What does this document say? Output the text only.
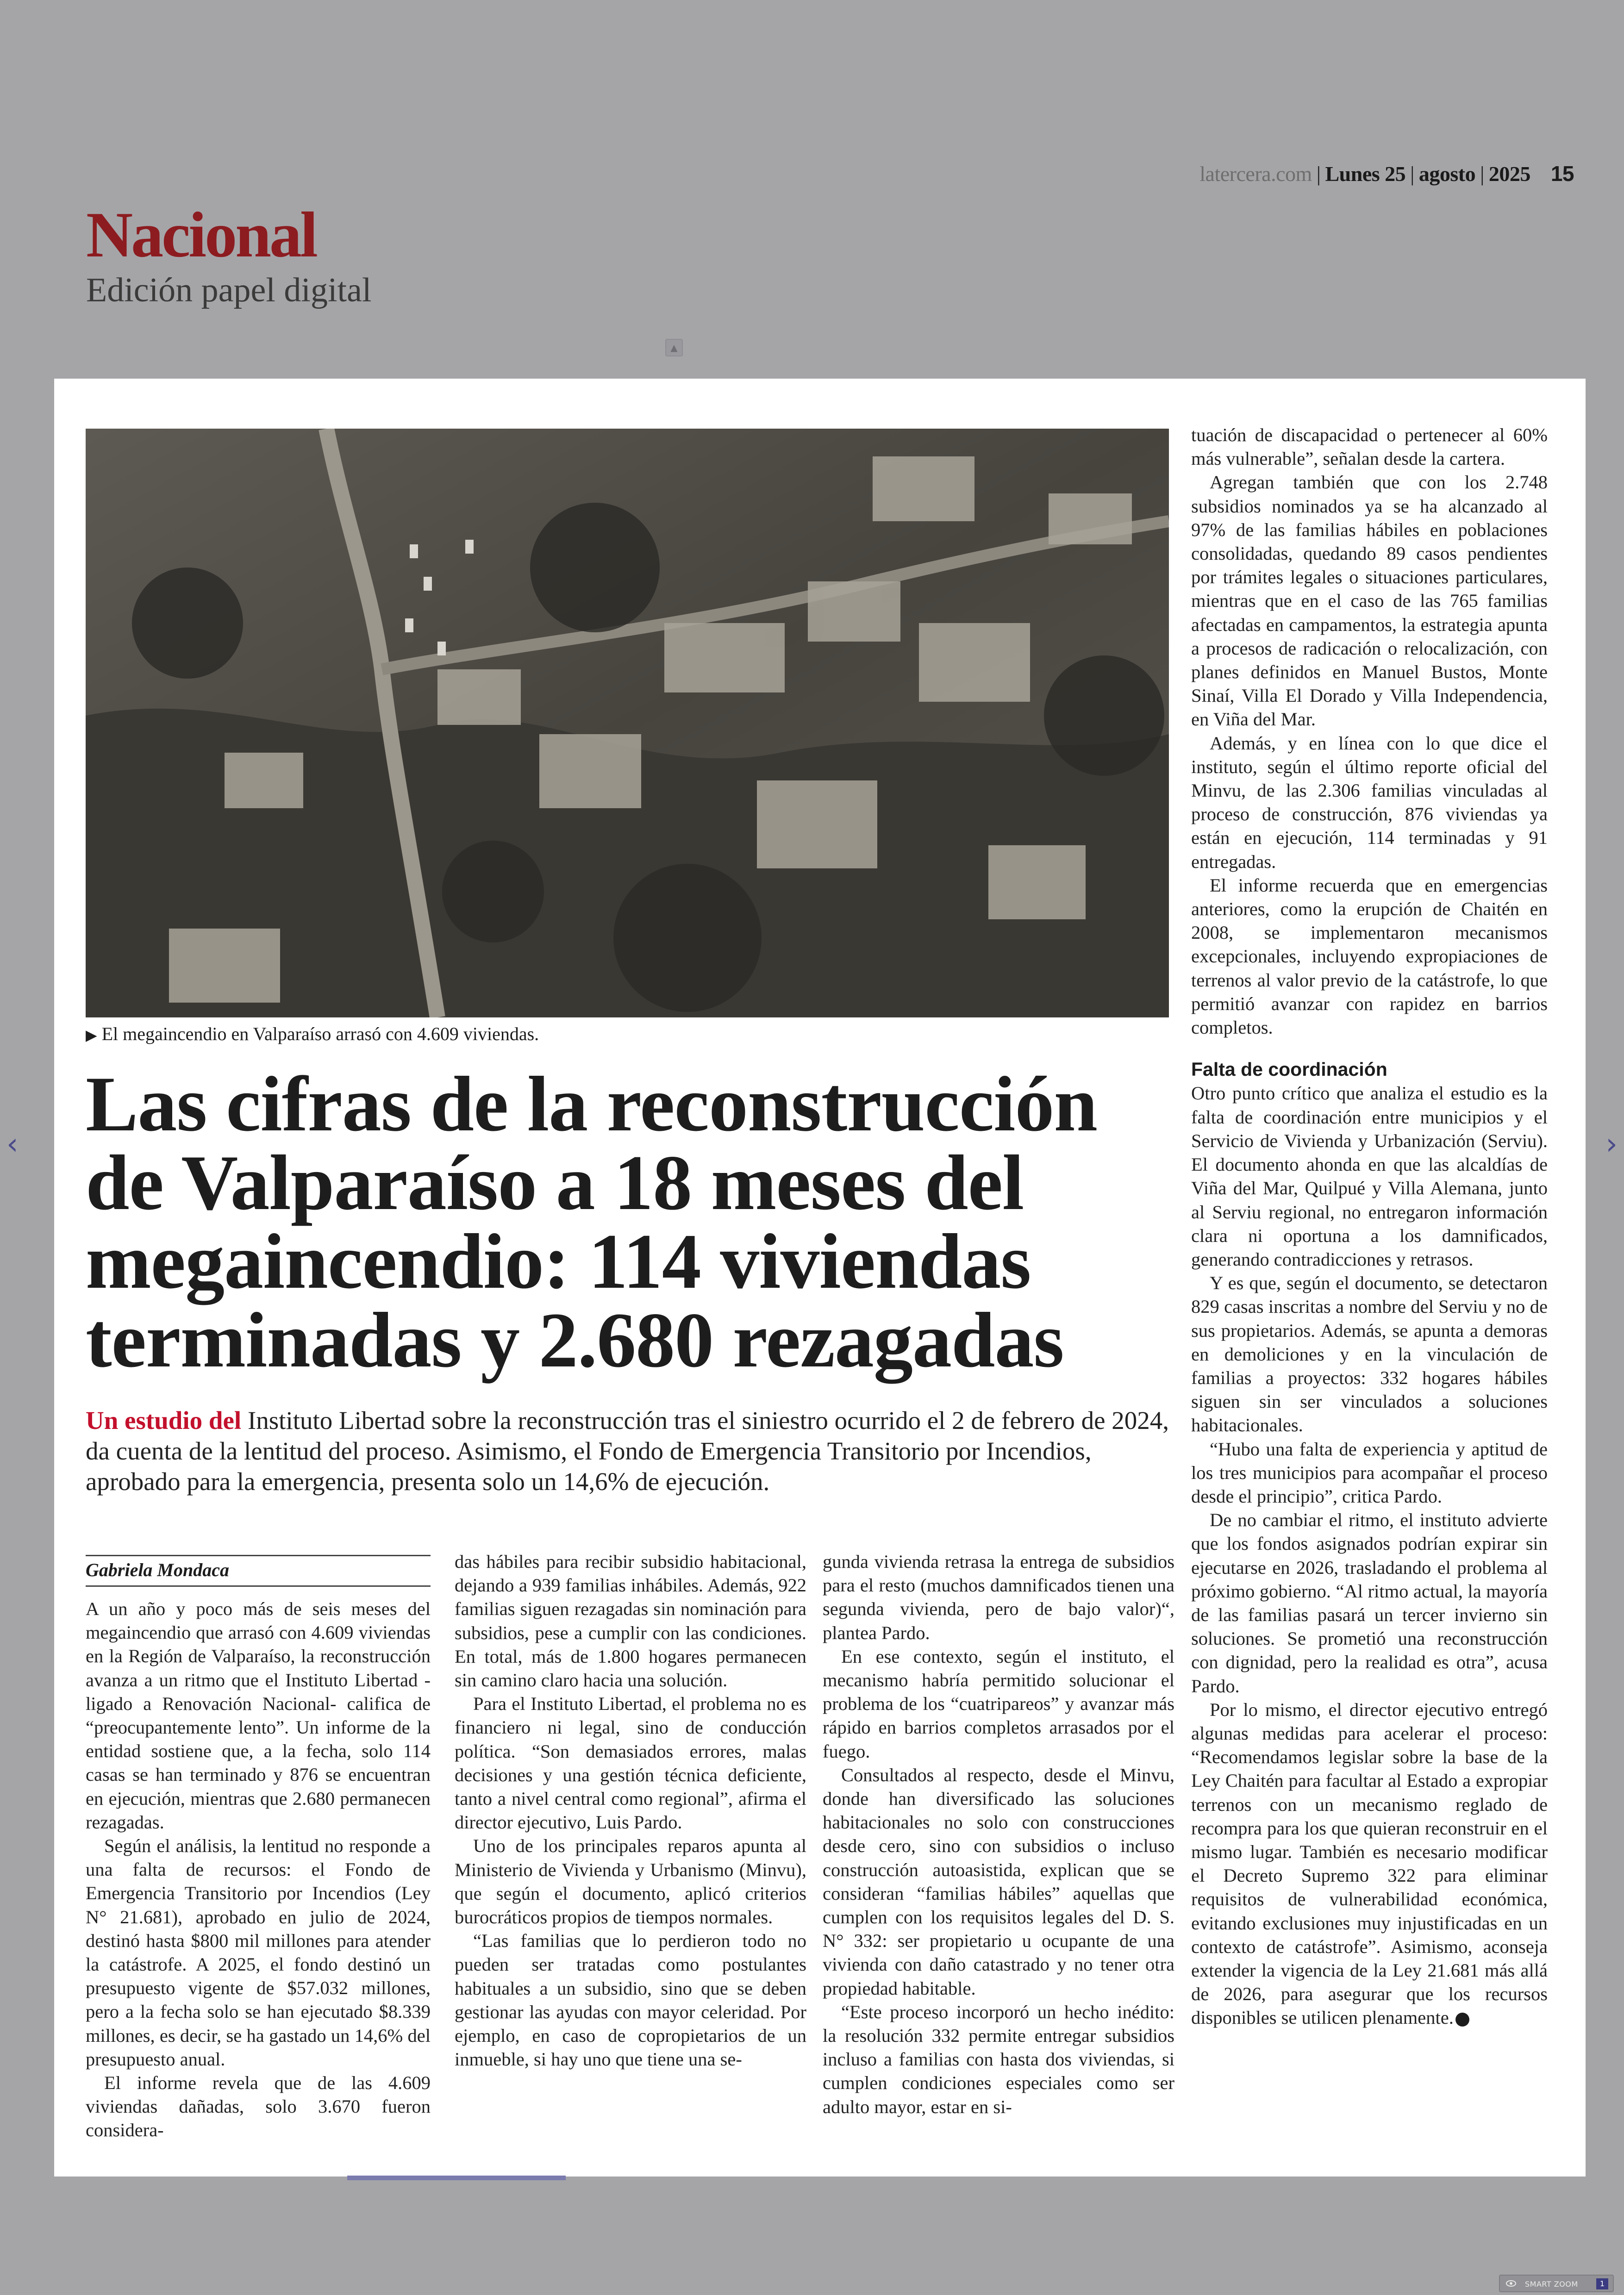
latercera.com | Lunes 25 | agosto | 2025 15
Nacional
Edición papel digital
▲
‹	›
▶ El megaincendio en Valparaíso arrasó con 4.609 viviendas.
Las cifras de la reconstrucción de Valparaíso a 18 meses del megaincendio: 114 viviendas terminadas y 2.680 rezagadas
Un estudio del Instituto Libertad sobre la reconstrucción tras el siniestro ocurrido el 2 de febrero de 2024, da cuenta de la lentitud del proceso. Asimismo, el Fondo de Emergencia Transitorio por Incendios, aprobado para la emergencia, presenta solo un 14,6% de ejecución.
Gabriela Mondaca

A un año y poco más de seis meses del megaincendio que arrasó con 4.609 viviendas en la Región de Valparaíso, la reconstrucción avanza a un ritmo que el Instituto Libertad -ligado a Renovación Nacional- califica de “preocupantemente lento”. Un informe de la entidad sostiene que, a la fecha, solo 114 casas se han terminado y 876 se encuentran en ejecución, mientras que 2.680 permanecen rezagadas.

Según el análisis, la lentitud no responde a una falta de recursos: el Fondo de Emergencia Transitorio por Incendios (Ley N° 21.681), aprobado en julio de 2024, destinó hasta $800 mil millones para atender la catástrofe. A 2025, el fondo destinó un presupuesto vigente de $57.032 millones, pero a la fecha solo se han ejecutado $8.339 millones, es decir, se ha gastado un 14,6% del presupuesto anual.

El informe revela que de las 4.609 viviendas dañadas, solo 3.670 fueron considera-

das hábiles para recibir subsidio habitacional, dejando a 939 familias inhábiles. Además, 922 familias siguen rezagadas sin nominación para subsidios, pese a cumplir con las condiciones. En total, más de 1.800 hogares permanecen sin camino claro hacia una solución.

Para el Instituto Libertad, el problema no es financiero ni legal, sino de conducción política. “Son demasiados errores, malas decisiones y una gestión técnica deficiente, tanto a nivel central como regional”, afirma el director ejecutivo, Luis Pardo.

Uno de los principales reparos apunta al Ministerio de Vivienda y Urbanismo (Minvu), que según el documento, aplicó criterios burocráticos propios de tiempos normales.

“Las familias que lo perdieron todo no pueden ser tratadas como postulantes habituales a un subsidio, sino que se deben gestionar las ayudas con mayor celeridad. Por ejemplo, en caso de copropietarios de un inmueble, si hay uno que tiene una se-

gunda vivienda retrasa la entrega de subsidios para el resto (muchos damnificados tienen una segunda vivienda, pero de bajo valor)“, plantea Pardo.

En ese contexto, según el instituto, el mecanismo habría permitido solucionar el problema de los “cuatripareos” y avanzar más rápido en barrios completos arrasados por el fuego.

Consultados al respecto, desde el Minvu, donde han diversificado las soluciones habitacionales no solo con construcciones desde cero, sino con subsidios o incluso construcción autoasistida, explican que se consideran “familias hábiles” aquellas que cumplen con los requisitos legales del D. S. N° 332: ser propietario u ocupante de una vivienda con daño catastrado y no tener otra propiedad habitable.

“Este proceso incorporó un hecho inédito: la resolución 332 permite entregar subsidios incluso a familias con hasta dos viviendas, si cumplen condiciones especiales como ser adulto mayor, estar en si-

tuación de discapacidad o pertenecer al 60% más vulnerable”, señalan desde la cartera.

Agregan también que con los 2.748 subsidios nominados ya se ha alcanzado al 97% de las familias hábiles en poblaciones consolidadas, quedando 89 casos pendientes por trámites legales o situaciones particulares, mientras que en el caso de las 765 familias afectadas en campamentos, la estrategia apunta a procesos de radicación o relocalización, con planes definidos en Manuel Bustos, Monte Sinaí, Villa El Dorado y Villa Independencia, en Viña del Mar.

Además, y en línea con lo que dice el instituto, según el último reporte oficial del Minvu, de las 2.306 familias vinculadas al proceso de construcción, 876 viviendas ya están en ejecución, 114 terminadas y 91 entregadas.

El informe recuerda que en emergencias anteriores, como la erupción de Chaitén en 2008, se implementaron mecanismos excepcionales, incluyendo expropiaciones de terrenos al valor previo de la catástrofe, lo que permitió avanzar con rapidez en barrios completos.

Falta de coordinación

Otro punto crítico que analiza el estudio es la falta de coordinación entre municipios y el Servicio de Vivienda y Urbanización (Serviu). El documento ahonda en que las alcaldías de Viña del Mar, Quilpué y Villa Alemana, junto al Serviu regional, no entregaron información clara ni oportuna a los damnificados, generando contradicciones y retrasos.

Y es que, según el documento, se detectaron 829 casas inscritas a nombre del Serviu y no de sus propietarios. Además, se apunta a demoras en demoliciones y en la vinculación de familias a proyectos: 332 hogares hábiles siguen sin ser vinculados a soluciones habitacionales.

“Hubo una falta de experiencia y aptitud de los tres municipios para acompañar el proceso desde el principio”, critica Pardo.

De no cambiar el ritmo, el instituto advierte que los fondos asignados podrían expirar sin ejecutarse en 2026, trasladando el problema al próximo gobierno. “Al ritmo actual, la mayoría de las familias pasará un tercer invierno sin soluciones. Se prometió una reconstrucción con dignidad, pero la realidad es otra”, acusa Pardo.

Por lo mismo, el director ejecutivo entregó algunas medidas para acelerar el proceso: “Recomendamos legislar sobre la base de la Ley Chaitén para facultar al Estado a expropiar terrenos con un mecanismo reglado de recompra para los que quieran reconstruir en el mismo lugar. También es necesario modificar el Decreto Supremo 322 para eliminar requisitos de vulnerabilidad económica, evitando exclusiones muy injustificadas en un contexto de catástrofe”. Asimismo, aconseja extender la vigencia de la Ley 21.681 más allá de 2026, para asegurar que los recursos disponibles se utilicen plenamente.

SMART ZOOM	1
